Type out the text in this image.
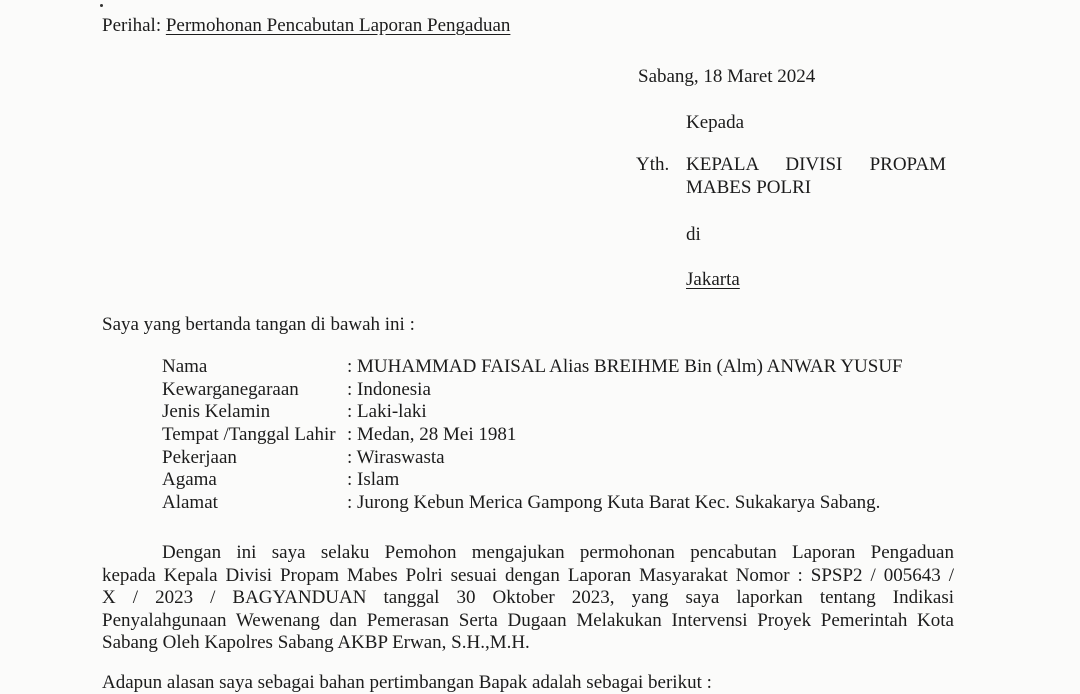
Perihal: Permohonan Pencabutan Laporan Pengaduan
Sabang, 18 Maret 2024
Kepada
Yth. KEPALA DIVISI PROPAM
MABES POLRI
di
Jakarta
Saya yang bertanda tangan di bawah ini :
Nama	: MUHAMMAD FAISAL Alias BREIHME Bin (Alm) ANWAR YUSUF
Kewarganegaraan	: Indonesia
Jenis Kelamin	: Laki-laki
Tempat /Tanggal Lahir : Medan, 28 Mei 1981
Pekerjaan	: Wiraswasta
Agama	: Islam
Alamat	: Jurong Kebun Merica Gampong Kuta Barat Kec. Sukakarya Sabang.
Dengan ini saya selaku Pemohon mengajukan permohonan pencabutan Laporan Pengaduan
kepada Kepala Divisi Propam Mabes Polri sesuai dengan Laporan Masyarakat Nomor : SPSP2 / 005643 /
X / 2023 / BAGYANDUAN tanggal 30 Oktober 2023, yang saya laporkan tentang Indikasi
Penyalahgunaan Wewenang dan Pemerasan Serta Dugaan Melakukan Intervensi Proyek Pemerintah Kota
Sabang Oleh Kapolres Sabang AKBP Erwan, S.H.,M.H.
Adapun alasan saya sebagai bahan pertimbangan Bapak adalah sebagai berikut :
